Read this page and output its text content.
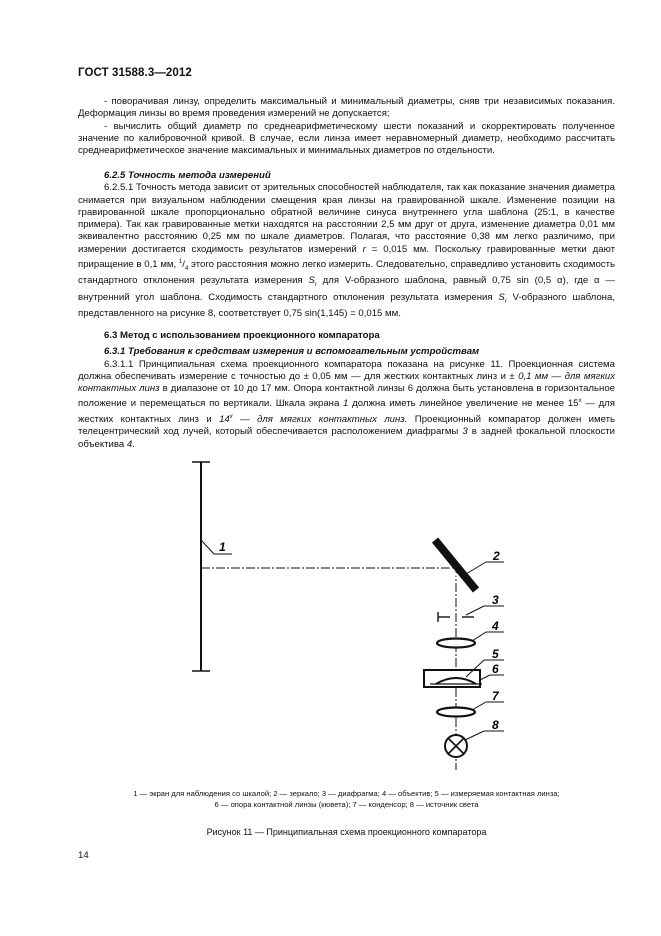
ГОСТ 31588.3—2012

- поворачивая линзу, определить максимальный и минимальный диаметры, сняв три независимых показания. Деформация линзы во время проведения измерений не допускается;

- вычислить общий диаметр по среднеарифметическому шести показаний и скорректировать полученное значение по калибровочной кривой. В случае, если линза имеет неравномерный диаметр, необходимо рассчитать среднеарифметическое значение максимальных и минимальных диаметров по отдельности.

6.2.5 Точность метода измерений

6.2.5.1 Точность метода зависит от зрительных способностей наблюдателя, так как показание значения диаметра снимается при визуальном наблюдении смещения края линзы на гравированной шкале. Изменение позиции на гравированной шкале пропорционально обратной величине синуса внутреннего угла шаблона (25:1, в качестве примера). Так как гравированные метки находятся на расстоянии 2,5 мм друг от друга, изменение диаметра 0,01 мм эквивалентно расстоянию 0,25 мм по шкале диаметров. Полагая, что расстояние 0,38 мм легко различимо, при измерении достигается сходимость результатов измерений r = 0,015 мм. Поскольку гравированные метки дают приращение в 0,1 мм, $^1/_4$ этого расстояния можно легко измерить. Следовательно, справедливо установить сходимость стандартного отклонения результата измерения $S_r$ для V-образного шаблона, равный 0,75 sin (0,5 α), где α — внутренний угол шаблона. Сходимость стандартного отклонения результата измерения $S_r$ V-образного шаблона, представленного на рисунке 8, соответствует 0,75 sin(1,145) = 0,015 мм.

6.3 Метод с использованием проекционного компаратора

6.3.1 Требования к средствам измерения и вспомогательным устройствам

6.3.1.1 Принципиальная схема проекционного компаратора показана на рисунке 11. Проекционная система должна обеспечивать измерение с точностью до ± 0,05 мм — для жестких контактных линз и ± 0,1 мм — для мягких контактных линз в диапазоне от 10 до 17 мм. Опора контактной линзы 6 должна быть установлена в горизонтальное положение и перемещаться по вертикали. Шкала экрана 1 должна иметь линейное увеличение не менее 15$^x$ — для жестких контактных линз и 14$^x$ — для мягких контактных линз. Проекционный компаратор должен иметь телецентрический ход лучей, который обеспечивается расположением диафрагмы 3 в задней фокальной плоскости объектива 4.

1
2
3
4
5
6
7
8
1 — экран для наблюдения со шкалой; 2 — зеркало; 3 — диафрагма; 4 — объектив; 5 — измеряемая контактная линза;
6 — опора контактной линзы (кювета); 7 — конденсор; 8 — источник света
Рисунок 11 — Принципиальная схема проекционного компаратора
14
